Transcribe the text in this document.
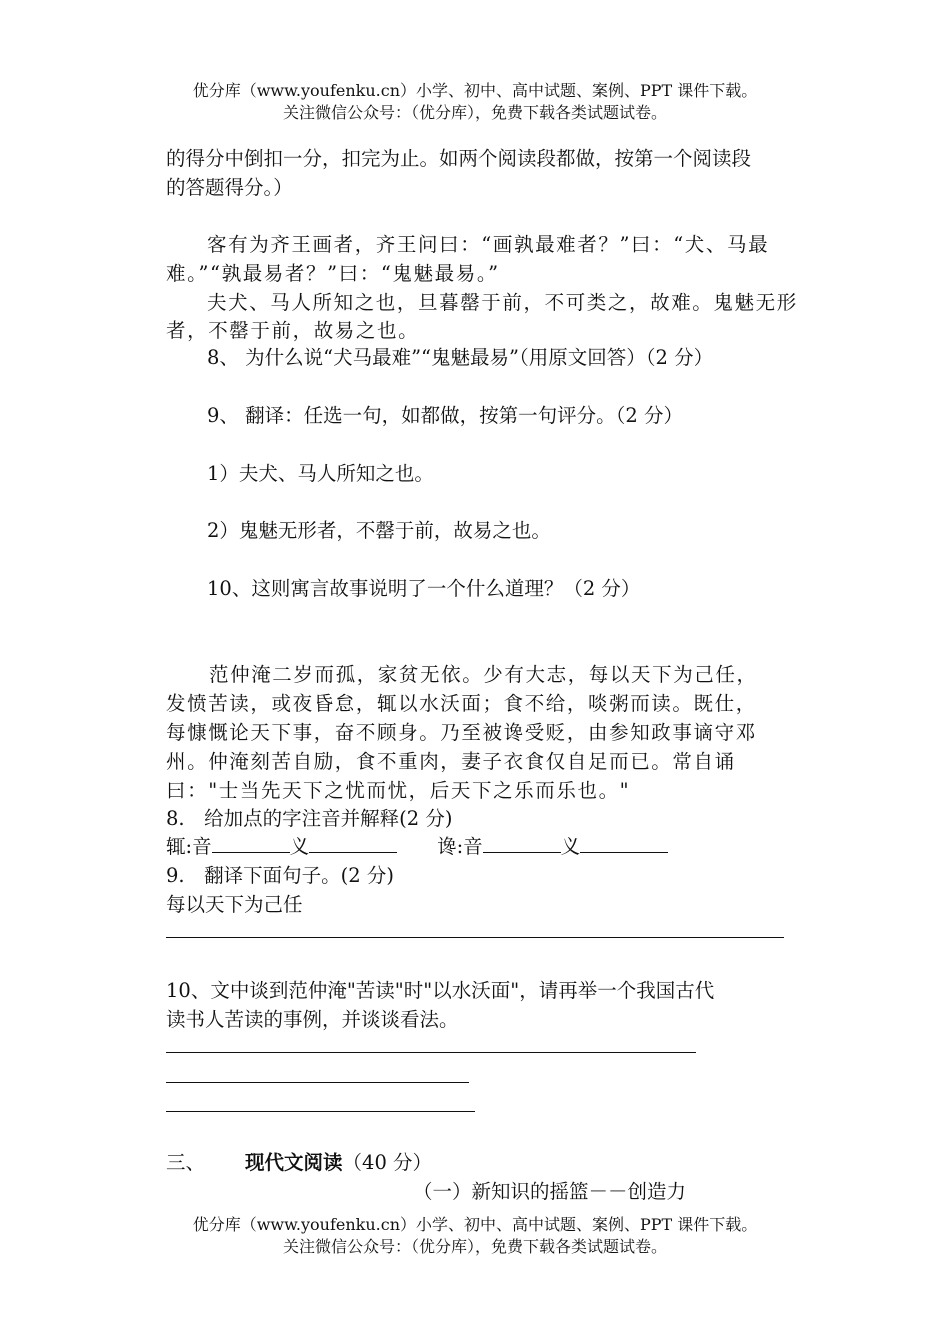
优分库（www.youfenku.cn）小学、初中、高中试题、案例、PPT 课件下载。
关注微信公众号：（优分库），免费下载各类试题试卷。
的得分中倒扣一分，扣完为止。如两个阅读段都做，按第一个阅读段
的答题得分。）
客有为齐王画者，齐王问曰：“画孰最难者？”曰：“犬、马最
难。”“孰最易者？”曰：“鬼魅最易。”
夫犬、马人所知之也，旦暮罄于前，不可类之，故难。鬼魅无形
者，不罄于前，故易之也。
8、 为什么说“犬马最难”“鬼魅最易”（用原文回答）（2 分）
9、 翻译：任选一句，如都做，按第一句评分。（2 分）
1）夫犬、马人所知之也。
2）鬼魅无形者，不罄于前，故易之也。
10、这则寓言故事说明了一个什么道理？（2 分）
范仲淹二岁而孤，家贫无依。少有大志，每以天下为己任，
发愤苦读，或夜昏怠，辄以水沃面；食不给，啖粥而读。既仕，
每慷慨论天下事，奋不顾身。乃至被谗受贬，由参知政事谪守邓
州。仲淹刻苦自励，食不重肉，妻子衣食仅自足而已。常自诵
曰："士当先天下之忧而忧，后天下之乐而乐也。"
8.　给加点的字注音并解释(2 分)
辄:音	义	谗:音	义
9.　翻译下面句子。(2 分)
每以天下为己任
10、文中谈到范仲淹"苦读"时"以水沃面"，请再举一个我国古代
读书人苦读的事例，并谈谈看法。
三、 现代文阅读（40 分）
（一）新知识的摇篮－－创造力
优分库（www.youfenku.cn）小学、初中、高中试题、案例、PPT 课件下载。
关注微信公众号：（优分库），免费下载各类试题试卷。
